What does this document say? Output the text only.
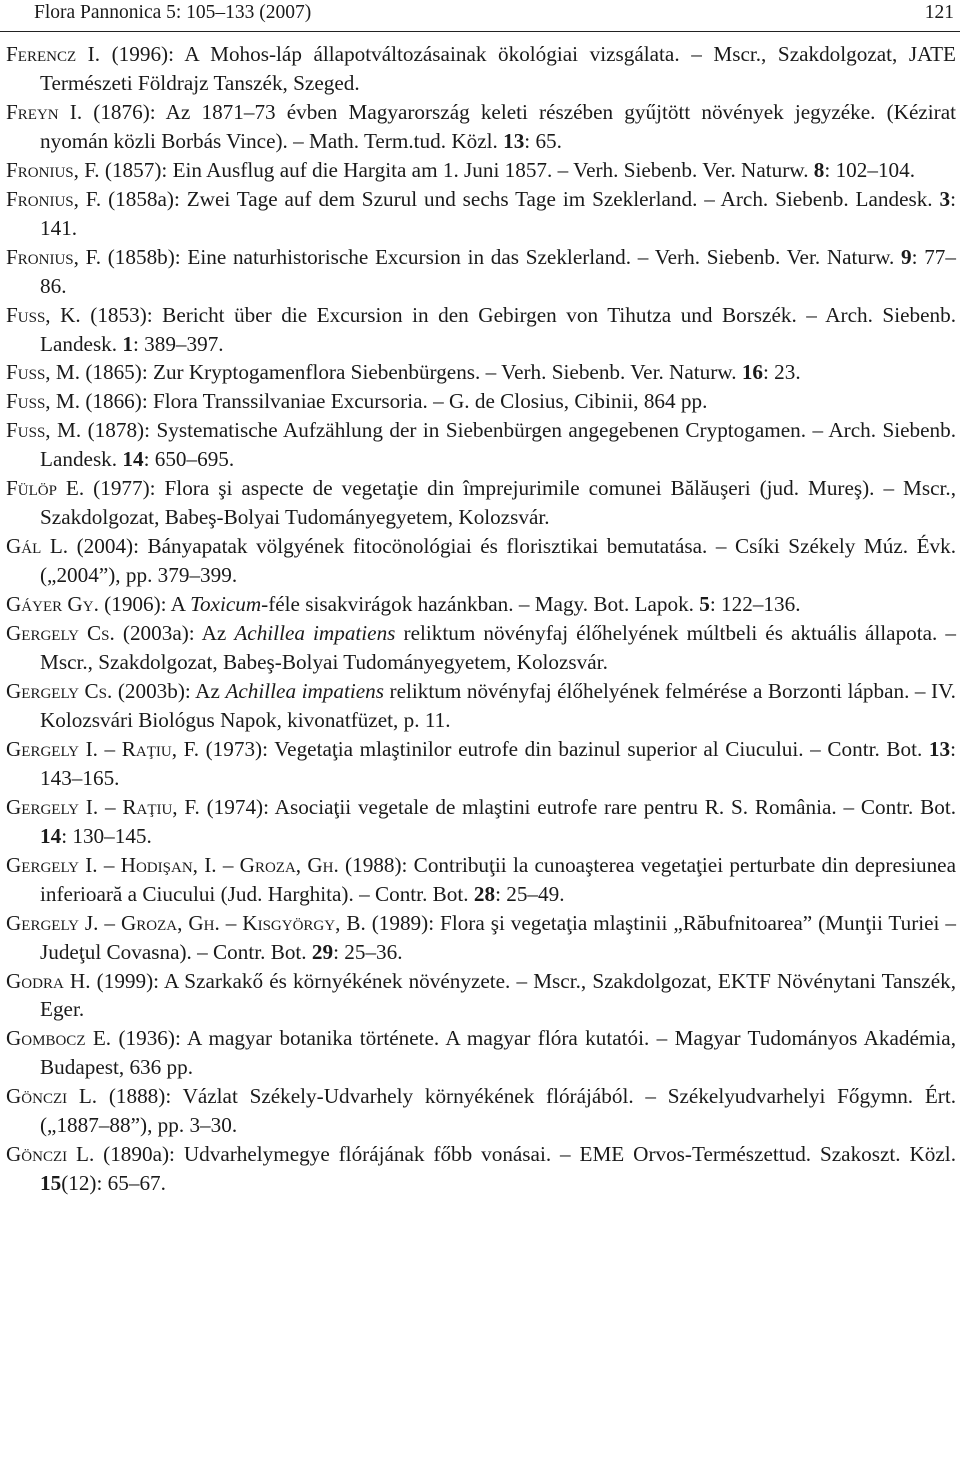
Flora Pannonica 5: 105–133 (2007)	121

Ferencz I. (1996): A Mohos-láp állapotváltozásainak ökológiai vizsgálata. – Mscr., Szakdolgozat, JATE Természeti Földrajz Tanszék, Szeged.

Freyn I. (1876): Az 1871–73 évben Magyarország keleti részében gyűjtött növények jegyzéke. (Kézirat nyomán közli Borbás Vince). – Math. Term.tud. Közl. 13: 65.

Fronius, F. (1857): Ein Ausflug auf die Hargita am 1. Juni 1857. – Verh. Siebenb. Ver. Naturw. 8: 102–104.

Fronius, F. (1858a): Zwei Tage auf dem Szurul und sechs Tage im Szeklerland. – Arch. Siebenb. Landesk. 3: 141.

Fronius, F. (1858b): Eine naturhistorische Excursion in das Szeklerland. – Verh. Siebenb. Ver. Naturw. 9: 77–86.

Fuss, K. (1853): Bericht über die Excursion in den Gebirgen von Tihutza und Borszék. – Arch. Siebenb. Landesk. 1: 389–397.

Fuss, M. (1865): Zur Kryptogamenflora Siebenbürgens. – Verh. Siebenb. Ver. Naturw. 16: 23.

Fuss, M. (1866): Flora Transsilvaniae Excursoria. – G. de Closius, Cibinii, 864 pp.

Fuss, M. (1878): Systematische Aufzählung der in Siebenbürgen angegebenen Cryptogamen. – Arch. Siebenb. Landesk. 14: 650–695.

Fülöp E. (1977): Flora şi aspecte de vegetaţie din împrejurimile comunei Bălăuşeri (jud. Mureş). – Mscr., Szakdolgozat, Babeş-Bolyai Tudományegyetem, Kolozsvár.

Gál L. (2004): Bányapatak völgyének fitocönológiai és florisztikai bemutatása. – Csíki Székely Múz. Évk. („2004”), pp. 379–399.

Gáyer Gy. (1906): A Toxicum-féle sisakvirágok hazánkban. – Magy. Bot. Lapok. 5: 122–136.

Gergely Cs. (2003a): Az Achillea impatiens reliktum növényfaj élőhelyének múltbeli és aktuális állapota. – Mscr., Szakdolgozat, Babeş-Bolyai Tudományegyetem, Kolozsvár.

Gergely Cs. (2003b): Az Achillea impatiens reliktum növényfaj élőhelyének felmérése a Borzonti lápban. – IV. Kolozsvári Biológus Napok, kivonatfüzet, p. 11.

Gergely I. – Raţiu, F. (1973): Vegetaţia mlaştinilor eutrofe din bazinul superior al Ciucului. – Contr. Bot. 13: 143–165.

Gergely I. – Raţiu, F. (1974): Asociaţii vegetale de mlaştini eutrofe rare pentru R. S. România. – Contr. Bot. 14: 130–145.

Gergely I. – Hodişan, I. – Groza, Gh. (1988): Contribuţii la cunoaşterea vegetaţiei perturbate din depresiunea inferioară a Ciucului (Jud. Harghita). – Contr. Bot. 28: 25–49.

Gergely J. – Groza, Gh. – Kisgyörgy, B. (1989): Flora şi vegetaţia mlaştinii „Răbufnitoarea” (Munţii Turiei – Judeţul Covasna). – Contr. Bot. 29: 25–36.

Godra H. (1999): A Szarkakő és környékének növényzete. – Mscr., Szakdolgozat, EKTF Növénytani Tanszék, Eger.

Gombocz E. (1936): A magyar botanika története. A magyar flóra kutatói. – Magyar Tudományos Akadémia, Budapest, 636 pp.

Gönczi L. (1888): Vázlat Székely-Udvarhely környékének flórájából. – Székelyudvarhelyi Főgymn. Ért. („1887–88”), pp. 3–30.

Gönczi L. (1890a): Udvarhelymegye flórájának főbb vonásai. – EME Orvos-Természettud. Szakoszt. Közl. 15(12): 65–67.
